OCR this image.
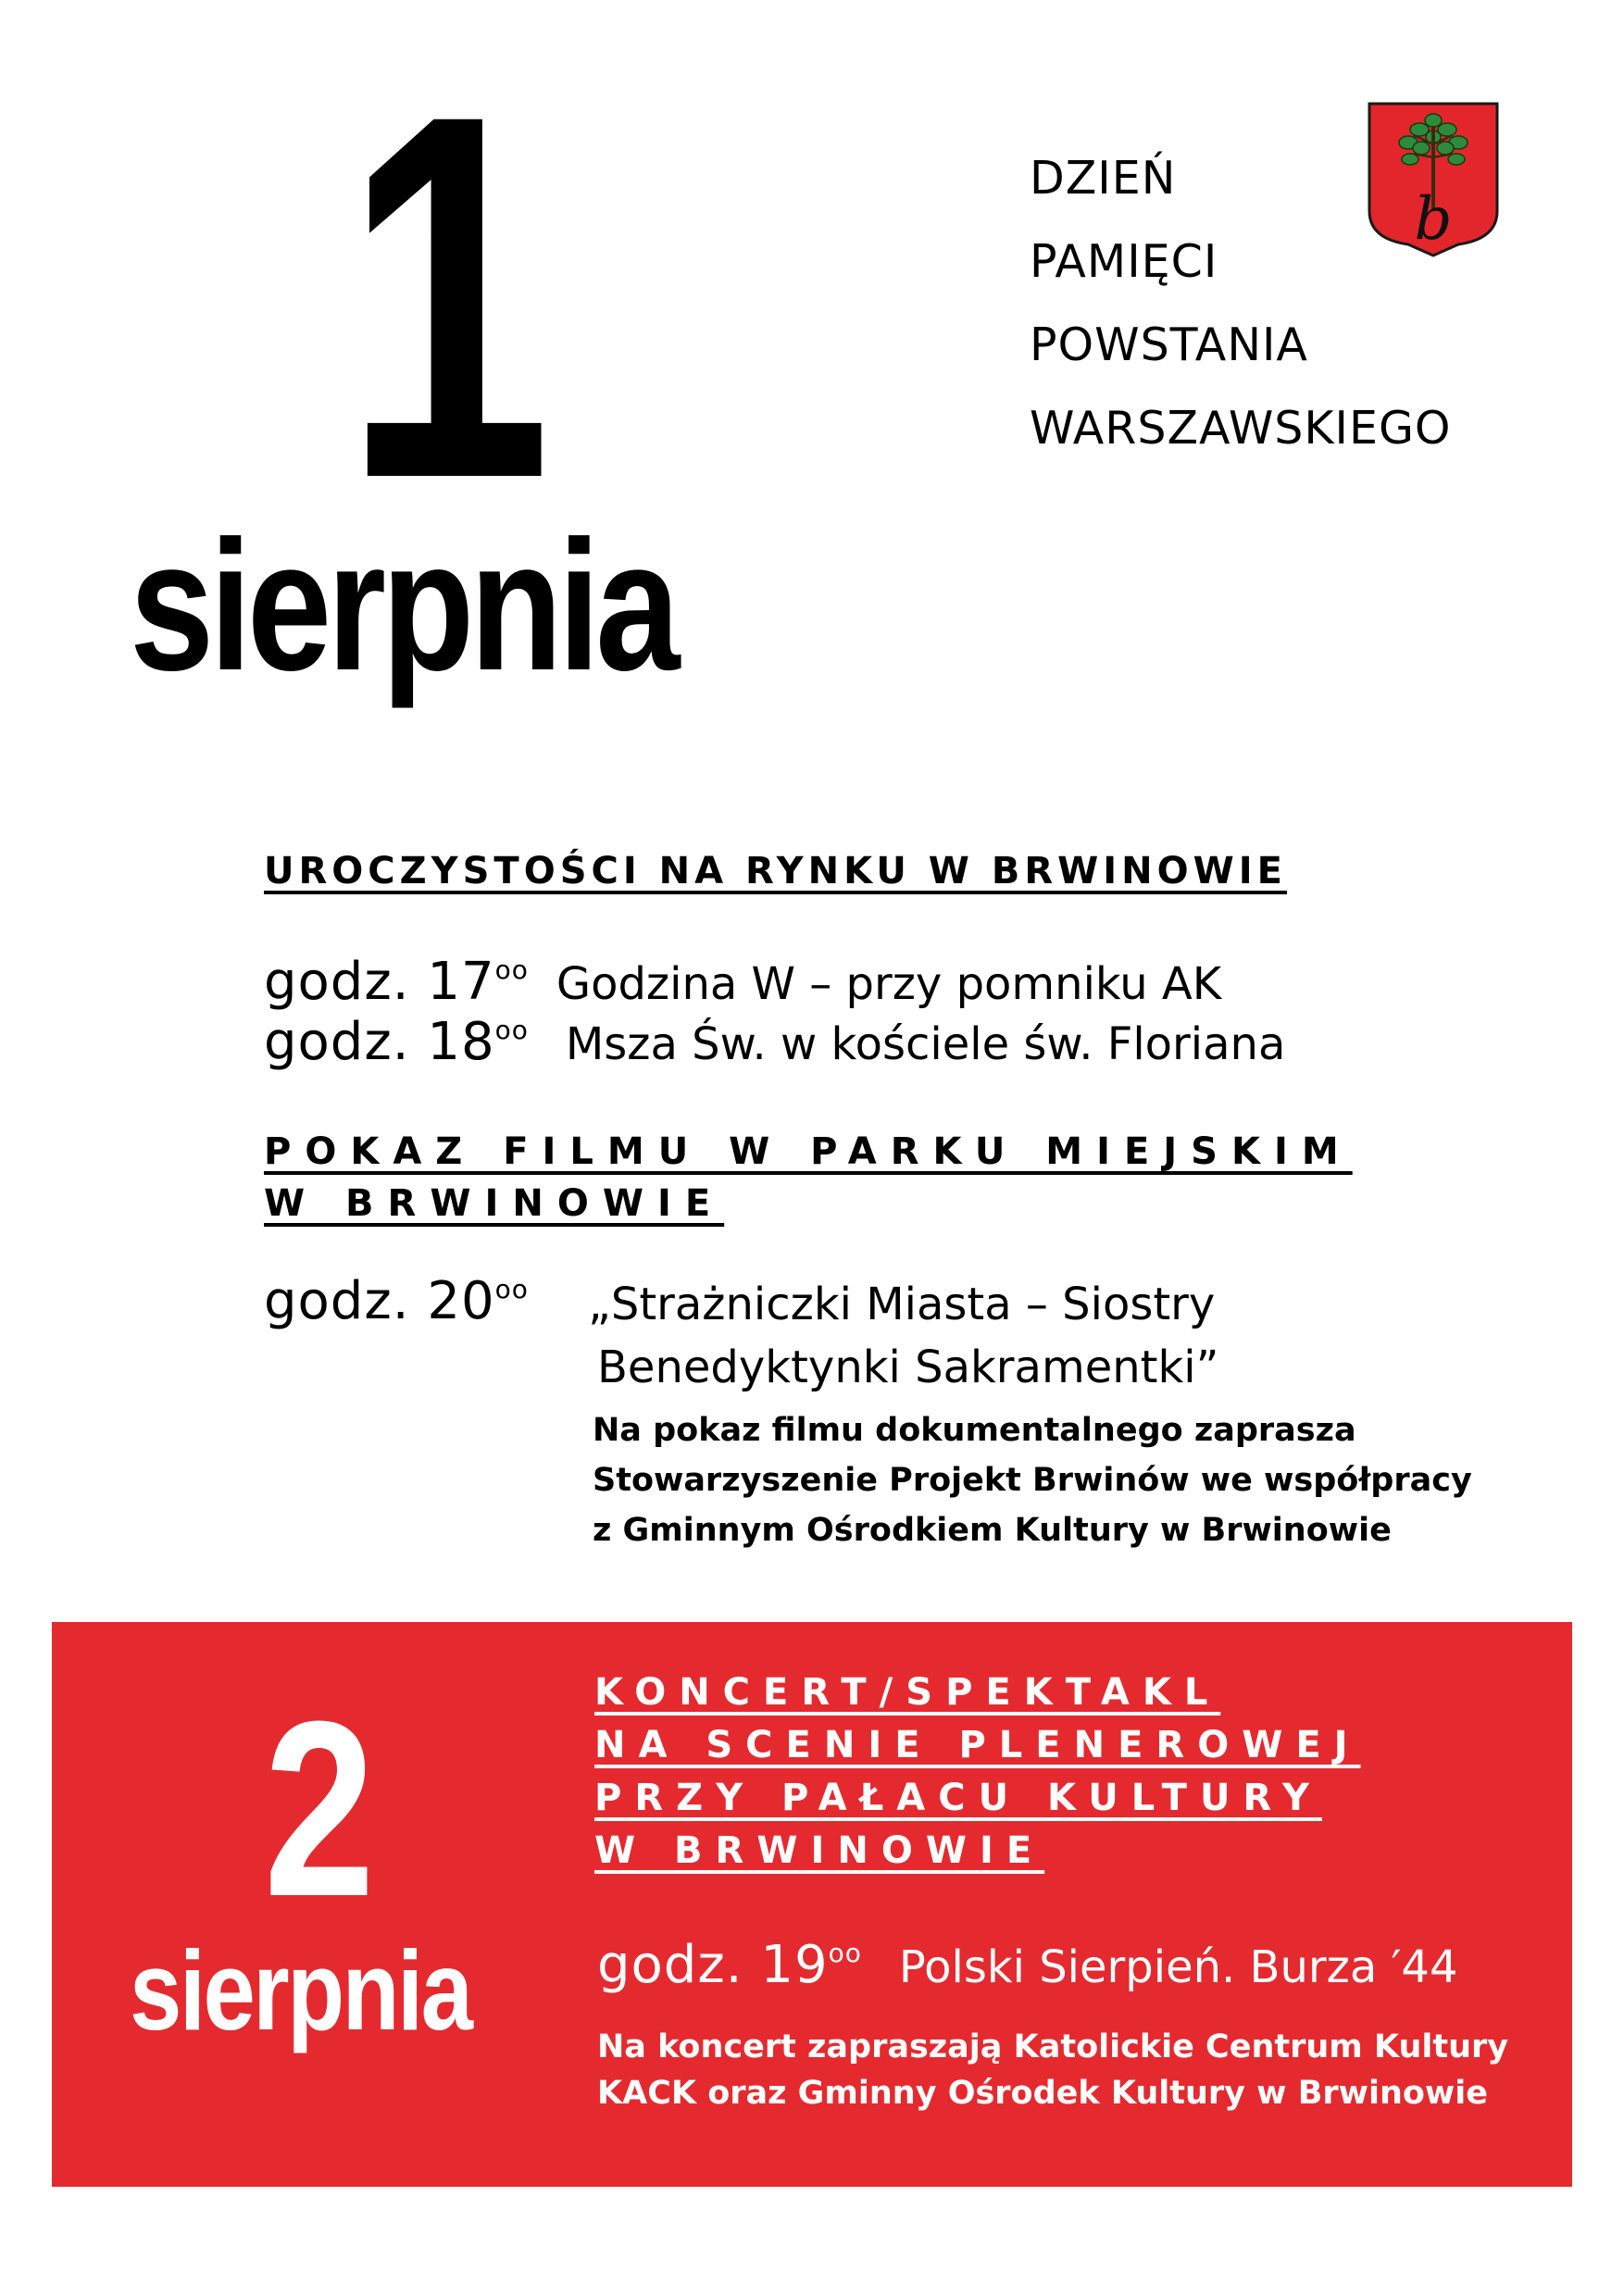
1
sierpnia
DZIEŃ
PAMIĘCI
POWSTANIA
WARSZAWSKIEGO
b
UROCZYSTOŚCI NA RYNKU W BRWINOWIE
godz. $17^{oo}$ Godzina W – przy pomniku AK
godz. $18^{oo}$ Msza Św. w kościele św. Floriana
POKAZ FILMU W PARKU MIEJSKIM
W BRWINOWIE
godz. $20^{oo}$ „Strażniczki Miasta – Siostry
Benedyktynki Sakramentki”
Na pokaz filmu dokumentalnego zaprasza
Stowarzyszenie Projekt Brwinów we współpracy
z Gminnym Ośrodkiem Kultury w Brwinowie
2
sierpnia
KONCERT/SPEKTAKL
NA SCENIE PLENEROWEJ
PRZY PAŁACU KULTURY
W BRWINOWIE
godz. $19^{oo}$ Polski Sierpień. Burza ′44
Na koncert zapraszają Katolickie Centrum Kultury
KACK oraz Gminny Ośrodek Kultury w Brwinowie
